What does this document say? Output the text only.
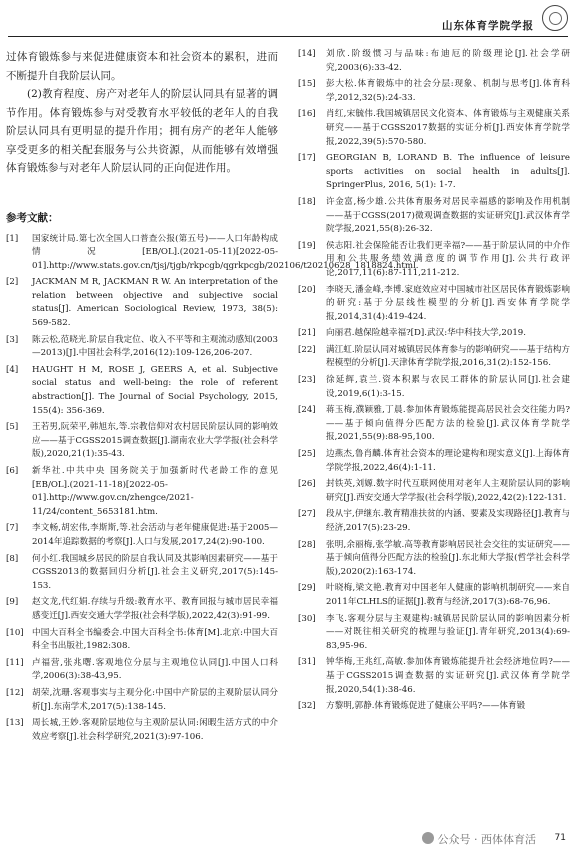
山东体育学院学报

过体育锻炼参与来促进健康资本和社会资本的累积，进而不断提升自我阶层认同。

(2)教育程度、房产对老年人的阶层认同具有显著的调节作用。体育锻炼参与对受教育水平较低的老年人的自我阶层认同具有更明显的提升作用；拥有房产的老年人能够享受更多的相关配套服务与公共资源，从而能够有效增强体育锻炼参与对老年人阶层认同的正向促进作用。

参考文献：

[1]	国家统计局.第七次全国人口普查公报(第五号)——人口年龄构成情况[EB/OL].(2021-05-11)[2022-05-01].http://www.stats.gov.cn/tjsj/tjgb/rkpcgb/qgrkpcgb/202106/t20210628_1818824.html.

[2]	JACKMAN M R, JACKMAN R W. An interpretation of the relation between objective and subjective social status[J]. American Sociological Review, 1973, 38(5): 569-582.

[3]	陈云松,范晓光.阶层自我定位、收入不平等和主观流动感知(2003—2013)[J].中国社会科学,2016(12):109-126,206-207.

[4]	HAUGHT H M, ROSE J, GEERS A, et al. Subjective social status and well-being: the role of referent abstraction[J]. The Journal of Social Psychology, 2015, 155(4): 356-369.

[5]	王若男,阮荣平,韩旭东,等.宗教信仰对农村居民阶层认同的影响效应——基于CGSS2015调查数据[J].湖南农业大学学报(社会科学版),2020,21(1):35-43.

[6]	新华社.中共中央 国务院关于加强新时代老龄工作的意见[EB/OL].(2021-11-18)[2022-05-01].http://www.gov.cn/zhengce/2021-11/24/content_5653181.htm.

[7]	李文畅,胡宏伟,李斯斯,等.社会活动与老年健康促进:基于2005—2014年追踪数据的考察[J].人口与发展,2017,24(2):90-100.

[8]	何小红.我国城乡居民的阶层自我认同及其影响因素研究——基于CGSS2013的数据回归分析[J].社会主义研究,2017(5):145-153.

[9]	赵文龙,代红娟.存续与升级:教育水平、教育回报与城市居民幸福感变迁[J].西安交通大学学报(社会科学版),2022,42(3):91-99.

[10] 中国大百科全书编委会.中国大百科全书:体育[M].北京:中国大百科全书出版社,1982:308.

[11] 卢福营,张兆曙.客观地位分层与主观地位认同[J].中国人口科学,2006(3):38-43,95.

[12] 胡荣,沈珊.客观事实与主观分化:中国中产阶层的主观阶层认同分析[J].东南学术,2017(5):138-145.

[13] 周长城,王妙.客观阶层地位与主观阶层认同:闲暇生活方式的中介效应考察[J].社会科学研究,2021(3):97-106.

[14]	刘欣.阶级惯习与品味:布迪厄的阶级理论[J].社会学研究,2003(6):33-42.

[15]	彭大松.体育锻炼中的社会分层:现象、机制与思考[J].体育科学,2012,32(5):24-33.

[16]	肖红,宋毓伟.我国城镇居民文化资本、体育锻炼与主观健康关系研究——基于CGSS2017数据的实证分析[J].西安体育学院学报,2022,39(5):570-580.

[17]	GEORGIAN B, LORAND B. The influence of leisure sports activities on social health in adults[J]. SpringerPlus, 2016, 5(1): 1-7.

[18]	许金富,杨少雄.公共体育服务对居民幸福感的影响及作用机制——基于CGSS(2017)微观调查数据的实证研究[J].武汉体育学院学报,2021,55(8):26-32.

[19]	侯志阳.社会保险能否让我们更幸福?——基于阶层认同的中介作用和公共服务绩效满意度的调节作用[J].公共行政评论,2017,11(6):87-111,211-212.

[20]	李晓天,潘金峰,李博.家庭效应对中国城市社区居民体育锻炼影响的研究:基于分层线性模型的分析[J].西安体育学院学报,2014,31(4):419-424.

[21]	向丽君.越保险越幸福?[D].武汉:华中科技大学,2019.

[22]	满江虹.阶层认同对城镇居民体育参与的影响研究——基于结构方程模型的分析[J].天津体育学院学报,2016,31(2):152-156.

[23]	徐延辉,袁兰.资本积累与农民工群体的阶层认同[J].社会建设,2019,6(1):3-15.

[24]	蒋玉梅,濮颖雅,丁晨.参加体育锻炼能提高居民社会交往能力吗?——基于倾向值得分匹配方法的检验[J].武汉体育学院学报,2021,55(9):88-95,100.

[25]	边燕杰,鲁肖麟.体育社会资本的理论建构和现实意义[J].上海体育学院学报,2022,46(4):1-11.

[26]	封铁英,刘嫄.数字时代互联网使用对老年人主观阶层认同的影响研究[J].西安交通大学学报(社会科学版),2022,42(2):122-131.

[27]	段从宇,伊继东.教育精准扶贫的内涵、要素及实现路径[J].教育与经济,2017(5):23-29.

[28]	张明,余丽梅,张学敏.高等教育影响居民社会交往的实证研究——基于倾向值得分匹配方法的检验[J].东北师大学报(哲学社会科学版),2020(2):163-174.

[29]	叶晓梅,梁文艳.教育对中国老年人健康的影响机制研究——来自2011年CLHLS的证据[J].教育与经济,2017(3):68-76,96.

[30]	李飞.客观分层与主观建构:城镇居民阶层认同的影响因素分析——对既往相关研究的梳理与验证[J].青年研究,2013(4):69-83,95-96.

[31]	钟华梅,王兆红,高敏.参加体育锻炼能提升社会经济地位吗?——基于CGSS2015调查数据的实证研究[J].武汉体育学院学报,2020,54(1):38-46.

[32]	方黎明,郭静.体育锻炼促进了健康公平吗?——体育锻

公众号 · 西体体育活 71
